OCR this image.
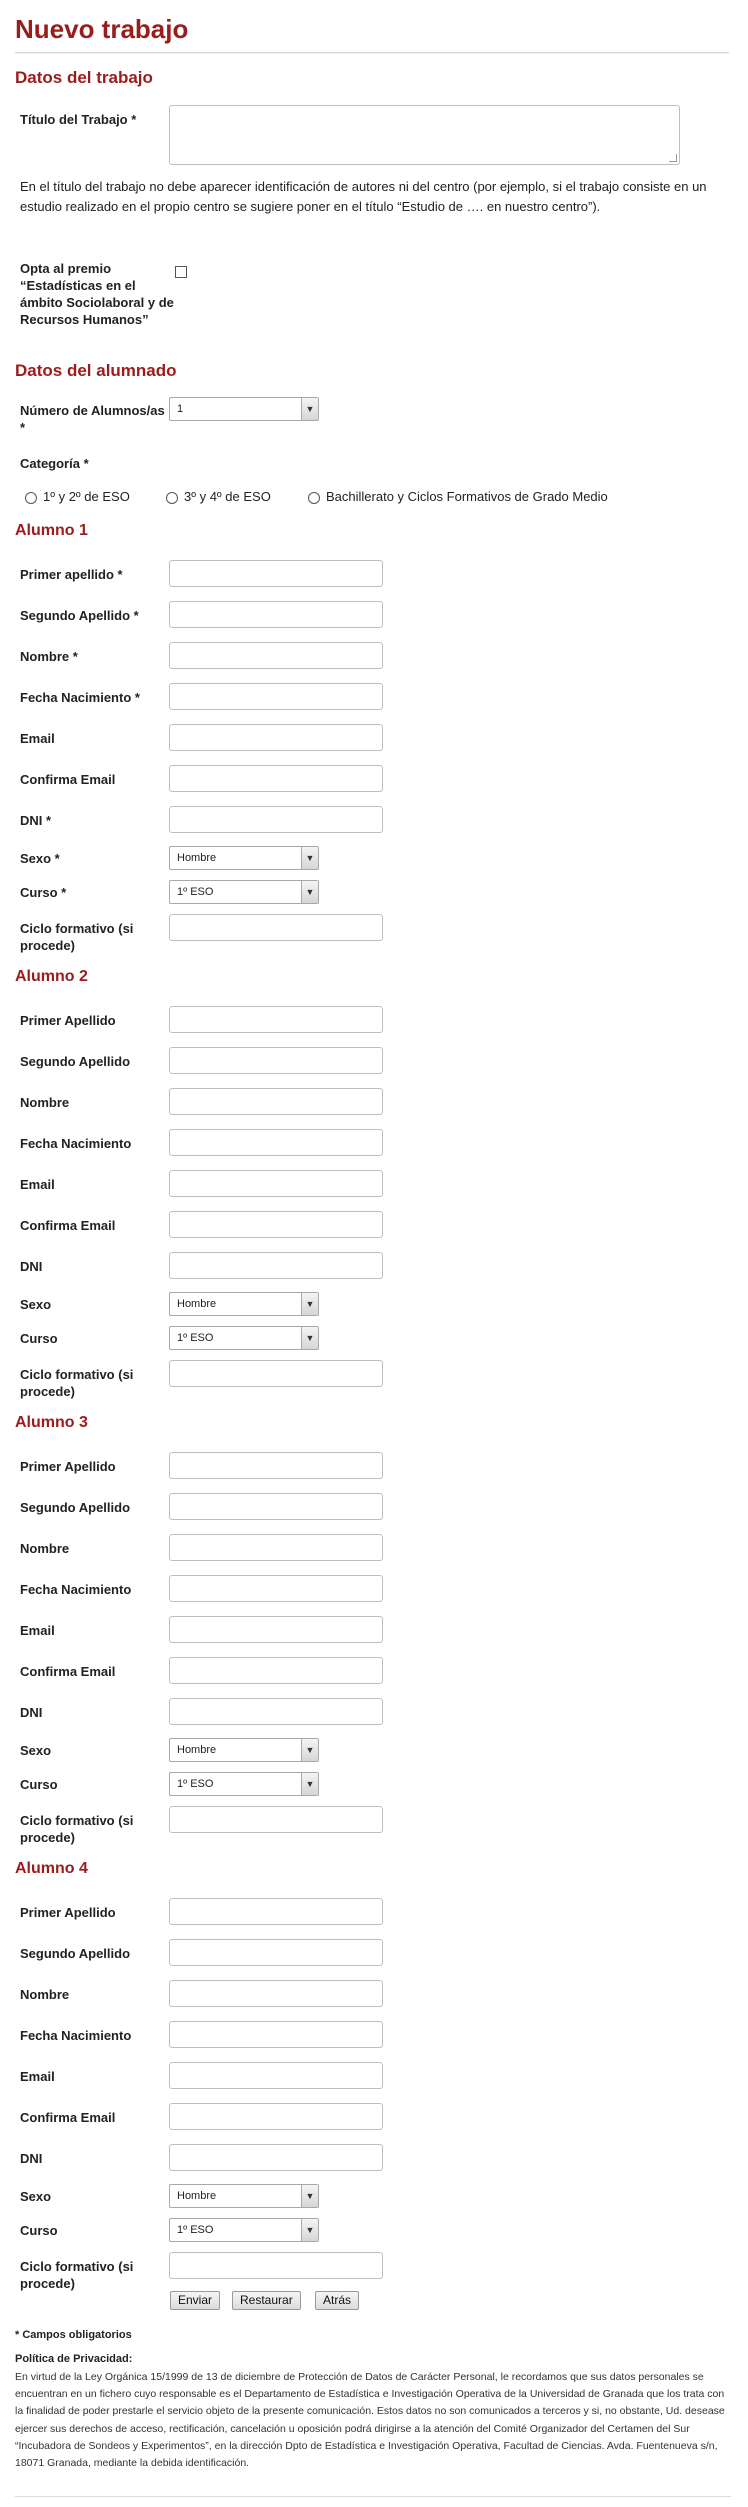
Nuevo trabajo
Datos del trabajo
Título del Trabajo *
En el título del trabajo no debe aparecer identificación de autores ni del centro (por ejemplo, si el trabajo consiste en un estudio realizado en el propio centro se sugiere poner en el título “Estudio de …. en nuestro centro”).
Opta al premio “Estadísticas en el ámbito Sociolaboral y de Recursos Humanos”
Datos del alumnado
Número de Alumnos/as *
1	▼
Categoría *
1º y 2º de ESO	3º y 4º de ESO	Bachillerato y Ciclos Formativos de Grado Medio
Alumno 1
Primer apellido *
Segundo Apellido *
Nombre *
Fecha Nacimiento *
Email
Confirma Email
DNI *
Sexo *	Hombre	▼
Curso *	1º ESO	▼
Ciclo formativo (si procede)
Alumno 2
Primer Apellido
Segundo Apellido
Nombre
Fecha Nacimiento
Email
Confirma Email
DNI
Sexo	Hombre	▼
Curso	1º ESO	▼
Ciclo formativo (si procede)
Alumno 3
Primer Apellido
Segundo Apellido
Nombre
Fecha Nacimiento
Email
Confirma Email
DNI
Sexo	Hombre	▼
Curso	1º ESO	▼
Ciclo formativo (si procede)
Alumno 4
Primer Apellido
Segundo Apellido
Nombre
Fecha Nacimiento
Email
Confirma Email
DNI
Sexo	Hombre	▼
Curso	1º ESO	▼
Ciclo formativo (si procede)
Enviar	Restaurar	Atrás
* Campos obligatorios
Política de Privacidad:
En virtud de la Ley Orgánica 15/1999 de 13 de diciembre de Protección de Datos de Carácter Personal, le recordamos que sus datos personales se encuentran en un fichero cuyo responsable es el Departamento de Estadística e Investigación Operativa de la Universidad de Granada que los trata con la finalidad de poder prestarle el servicio objeto de la presente comunicación. Estos datos no son comunicados a terceros y si, no obstante, Ud. desease ejercer sus derechos de acceso, rectificación, cancelación u oposición podrá dirigirse a la atención del Comité Organizador del Certamen del Sur “Incubadora de Sondeos y Experimentos”, en la dirección Dpto de Estadística e Investigación Operativa, Facultad de Ciencias. Avda. Fuentenueva s/n, 18071 Granada, mediante la debida identificación.
